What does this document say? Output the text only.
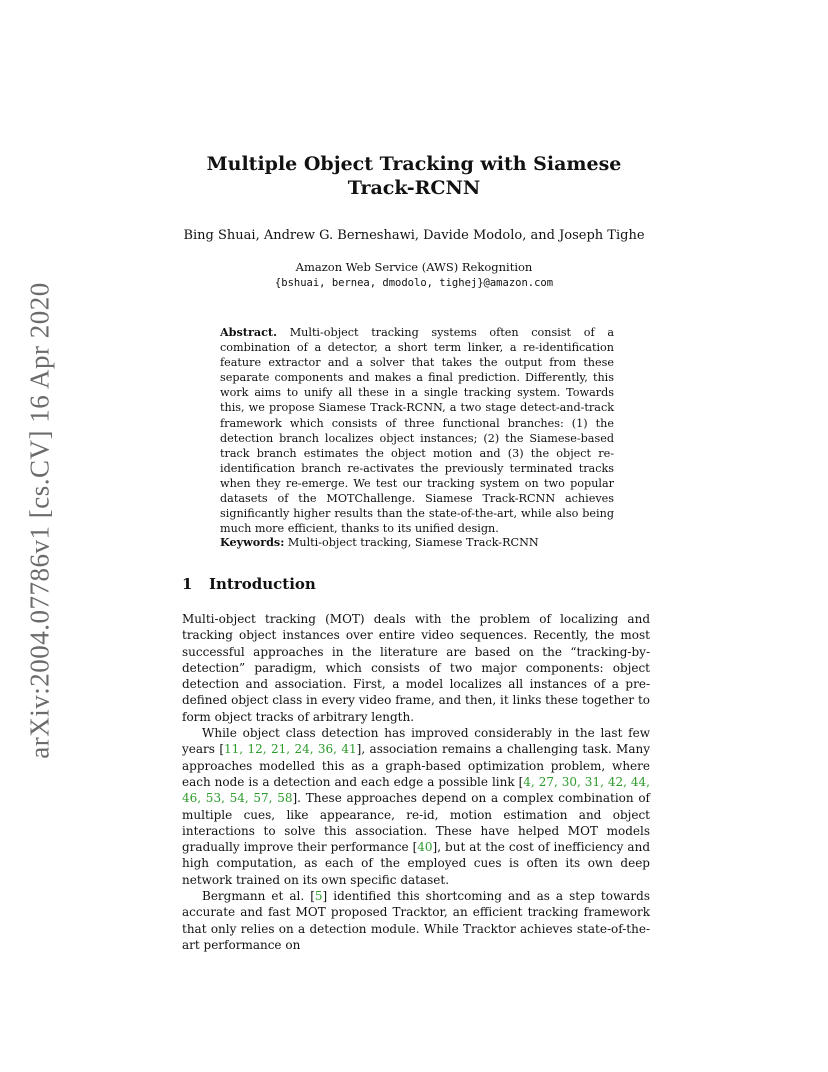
arXiv:2004.07786v1 [cs.CV] 16 Apr 2020
Multiple Object Tracking with Siamese
Track-RCNN

Bing Shuai, Andrew G. Berneshawi, Davide Modolo, and Joseph Tighe

Amazon Web Service (AWS) Rekognition
{bshuai, bernea, dmodolo, tighej}@amazon.com

Abstract. Multi-object tracking systems often consist of a combination of a detector, a short term linker, a re-identification feature extractor and a solver that takes the output from these separate components and makes a final prediction. Differently, this work aims to unify all these in a single tracking system. Towards this, we propose Siamese Track-RCNN, a two stage detect-and-track framework which consists of three functional branches: (1) the detection branch localizes object instances; (2) the Siamese-based track branch estimates the object motion and (3) the object re-identification branch re-activates the previously terminated tracks when they re-emerge. We test our tracking system on two popular datasets of the MOTChallenge. Siamese Track-RCNN achieves significantly higher results than the state-of-the-art, while also being much more efficient, thanks to its unified design.

Keywords: Multi-object tracking, Siamese Track-RCNN

1 Introduction

Multi-object tracking (MOT) deals with the problem of localizing and tracking object instances over entire video sequences. Recently, the most successful approaches in the literature are based on the “tracking-by-detection” paradigm, which consists of two major components: object detection and association. First, a model localizes all instances of a pre-defined object class in every video frame, and then, it links these together to form object tracks of arbitrary length.

While object class detection has improved considerably in the last few years [11, 12, 21, 24, 36, 41], association remains a challenging task. Many approaches modelled this as a graph-based optimization problem, where each node is a detection and each edge a possible link [4, 27, 30, 31, 42, 44, 46, 53, 54, 57, 58]. These approaches depend on a complex combination of multiple cues, like appearance, re-id, motion estimation and object interactions to solve this association. These have helped MOT models gradually improve their performance [40], but at the cost of inefficiency and high computation, as each of the employed cues is often its own deep network trained on its own specific dataset.

Bergmann et al. [5] identified this shortcoming and as a step towards accurate and fast MOT proposed Tracktor, an efficient tracking framework that only relies on a detection module. While Tracktor achieves state-of-the-art performance on
